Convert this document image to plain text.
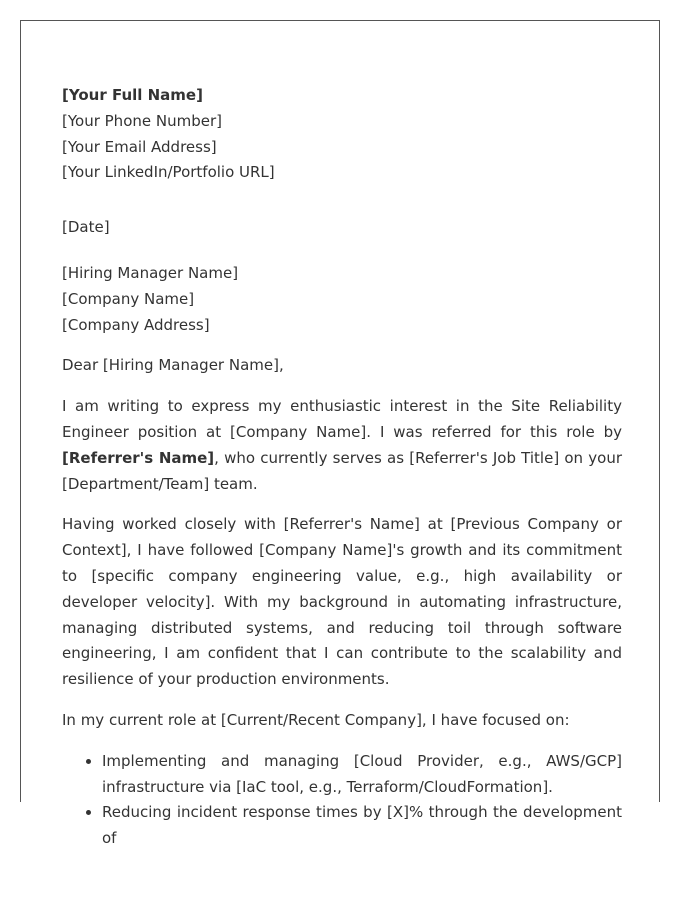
[Your Full Name]
[Your Phone Number]
[Your Email Address]
[Your LinkedIn/Portfolio URL]
[Date]
[Hiring Manager Name]
[Company Name]
[Company Address]

Dear [Hiring Manager Name],

I am writing to express my enthusiastic interest in the Site Reliability Engineer position at [Company Name]. I was referred for this role by [Referrer's Name], who currently serves as [Referrer's Job Title] on your [Department/Team] team.

Having worked closely with [Referrer's Name] at [Previous Company or Context], I have followed [Company Name]'s growth and its commitment to [specific company engineering value, e.g., high availability or developer velocity]. With my background in automating infrastructure, managing distributed systems, and reducing toil through software engineering, I am confident that I can contribute to the scalability and resilience of your production environments.

In my current role at [Current/Recent Company], I have focused on:

• Implementing and managing [Cloud Provider, e.g., AWS/GCP] infrastructure via [IaC tool, e.g., Terraform/CloudFormation].
• Reducing incident response times by [X]% through the development of
